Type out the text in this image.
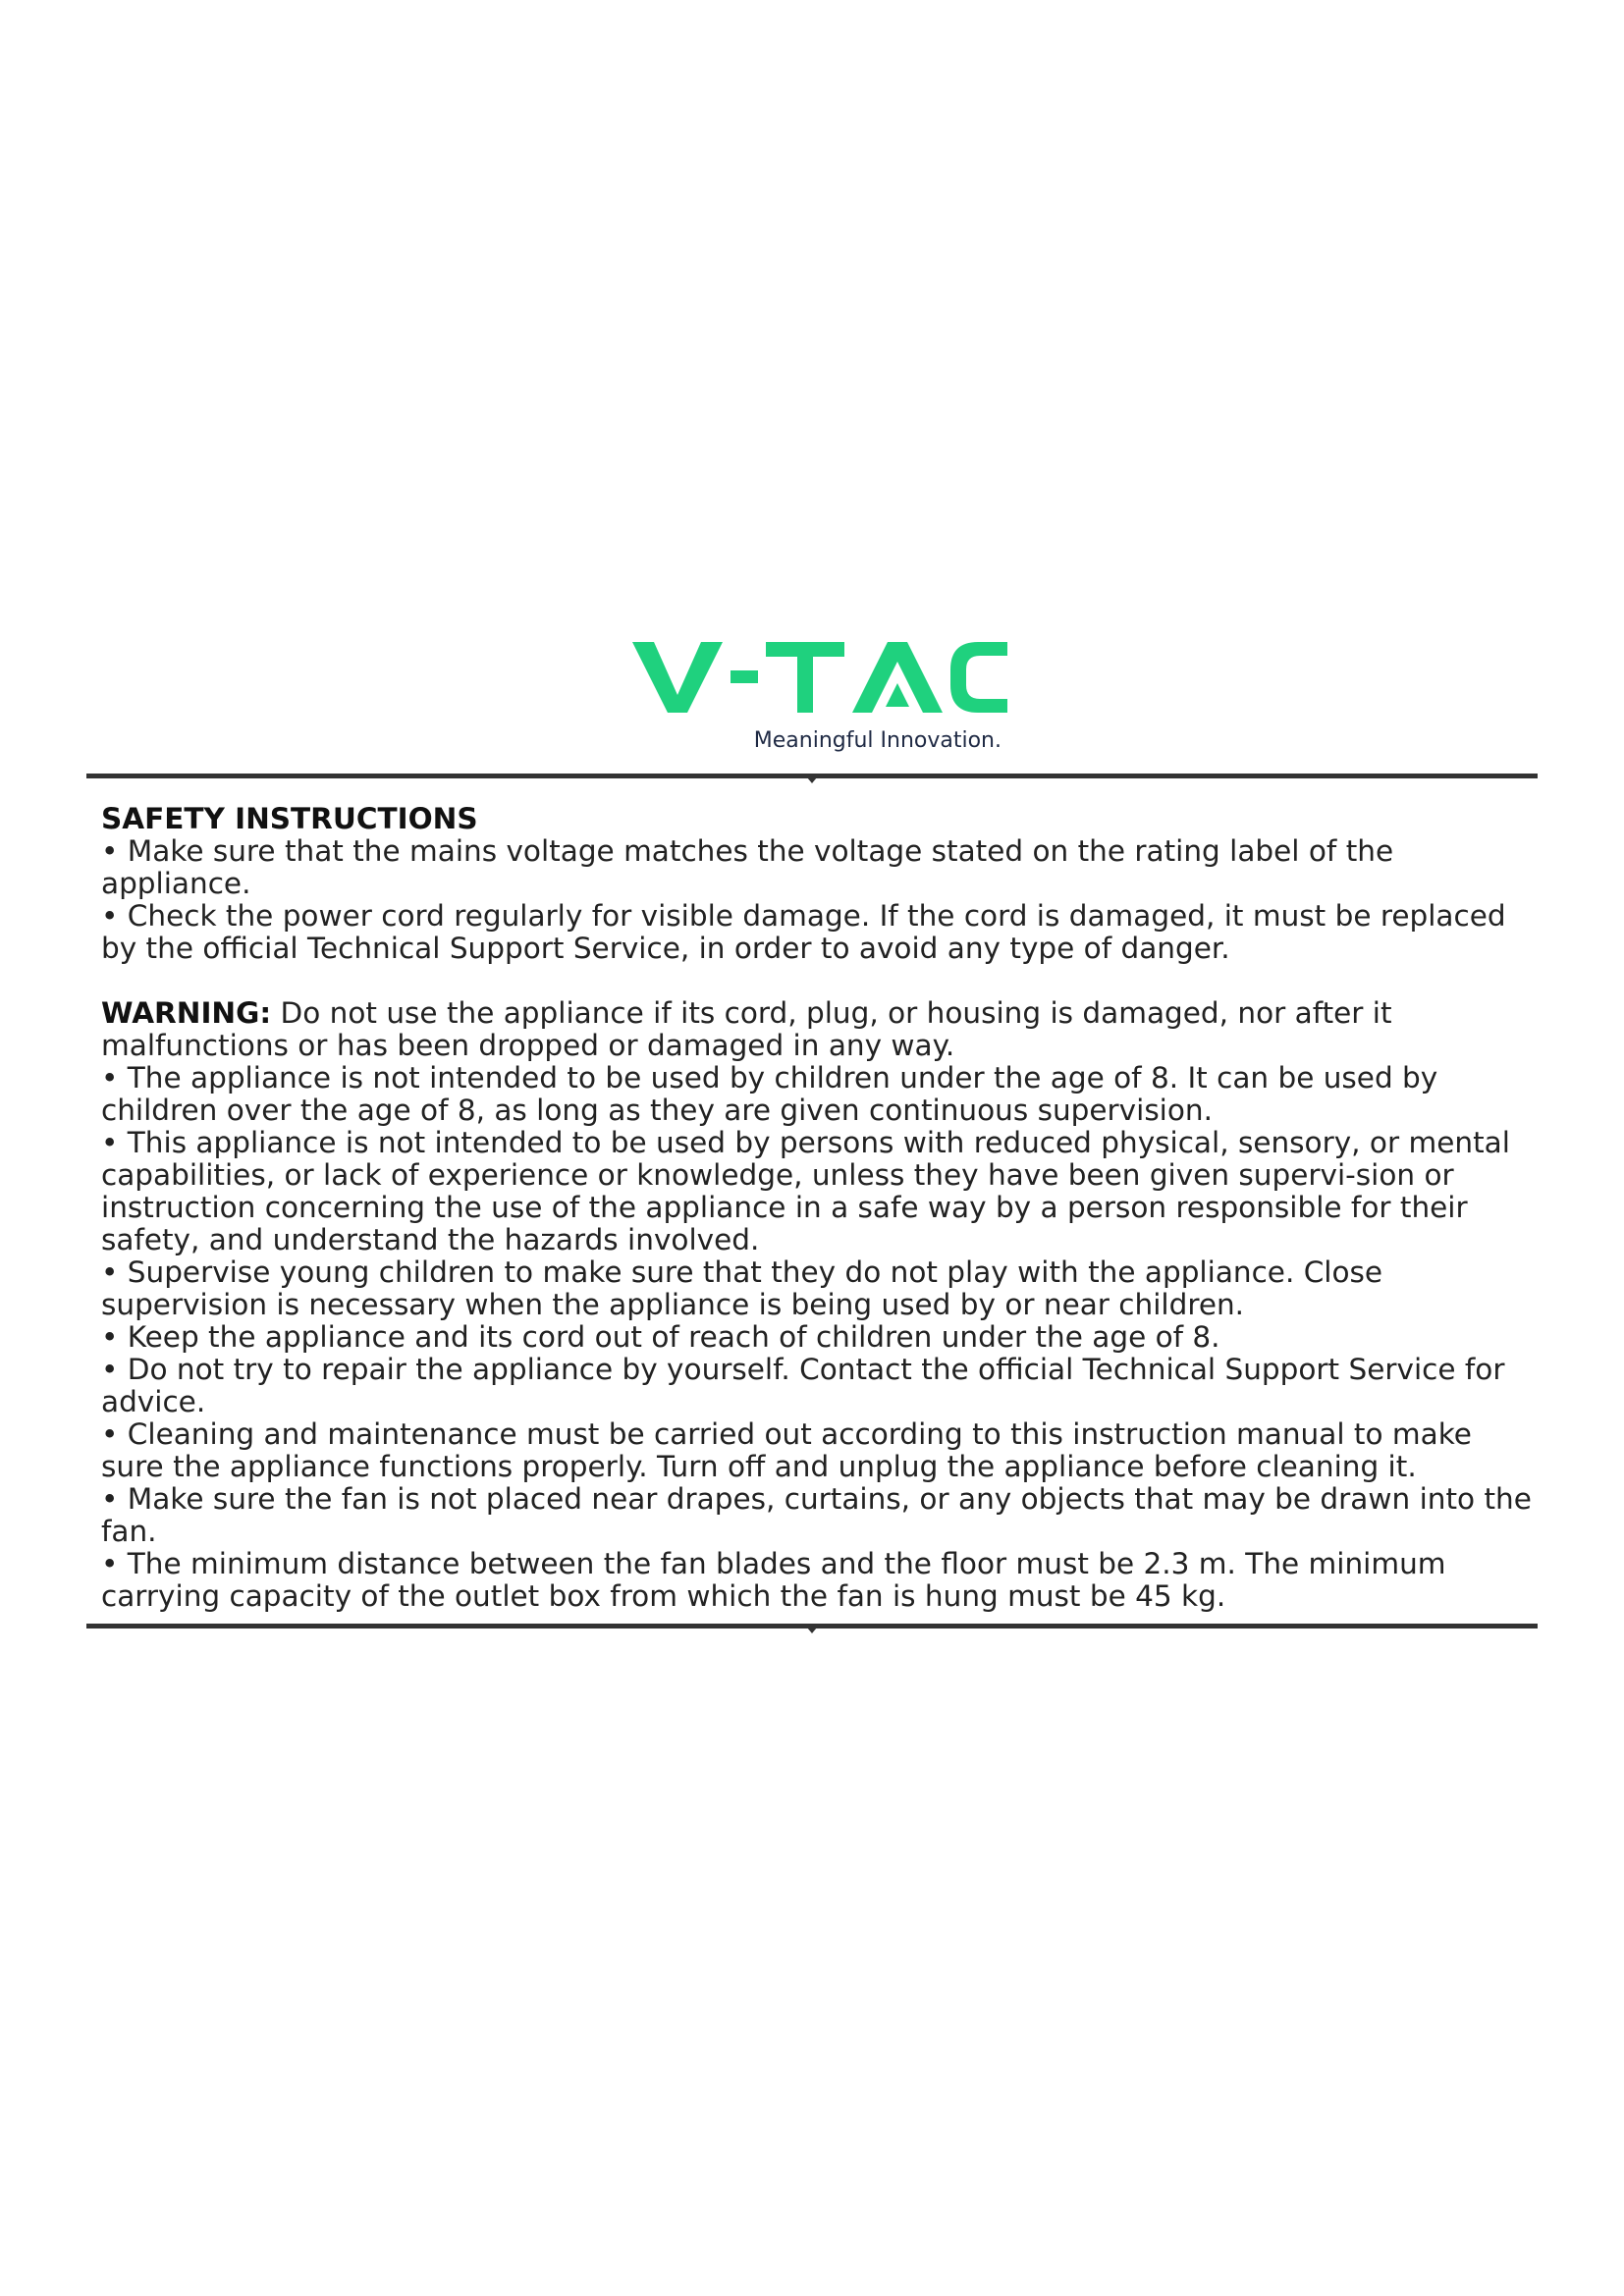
Meaningful Innovation.

SAFETY INSTRUCTIONS

• Make sure that the mains voltage matches the voltage stated on the rating label of the appliance.

• Check the power cord regularly for visible damage. If the cord is damaged, it must be replaced by the official Technical Support Service, in order to avoid any type of danger.

WARNING: Do not use the appliance if its cord, plug, or housing is damaged, nor after it malfunctions or has been dropped or damaged in any way.

• The appliance is not intended to be used by children under the age of 8. It can be used by children over the age of 8, as long as they are given continuous supervision.

• This appliance is not intended to be used by persons with reduced physical, sensory, or mental capabilities, or lack of experience or knowledge, unless they have been given supervi-sion or instruction concerning the use of the appliance in a safe way by a person responsible for their safety, and understand the hazards involved.

• Supervise young children to make sure that they do not play with the appliance. Close supervision is necessary when the appliance is being used by or near children.

• Keep the appliance and its cord out of reach of children under the age of 8.

• Do not try to repair the appliance by yourself. Contact the official Technical Support Service for advice.

• Cleaning and maintenance must be carried out according to this instruction manual to make sure the appliance functions properly. Turn off and unplug the appliance before cleaning it.

• Make sure the fan is not placed near drapes, curtains, or any objects that may be drawn into the fan.

• The minimum distance between the fan blades and the floor must be 2.3 m. The minimum carrying capacity of the outlet box from which the fan is hung must be 45 kg.
